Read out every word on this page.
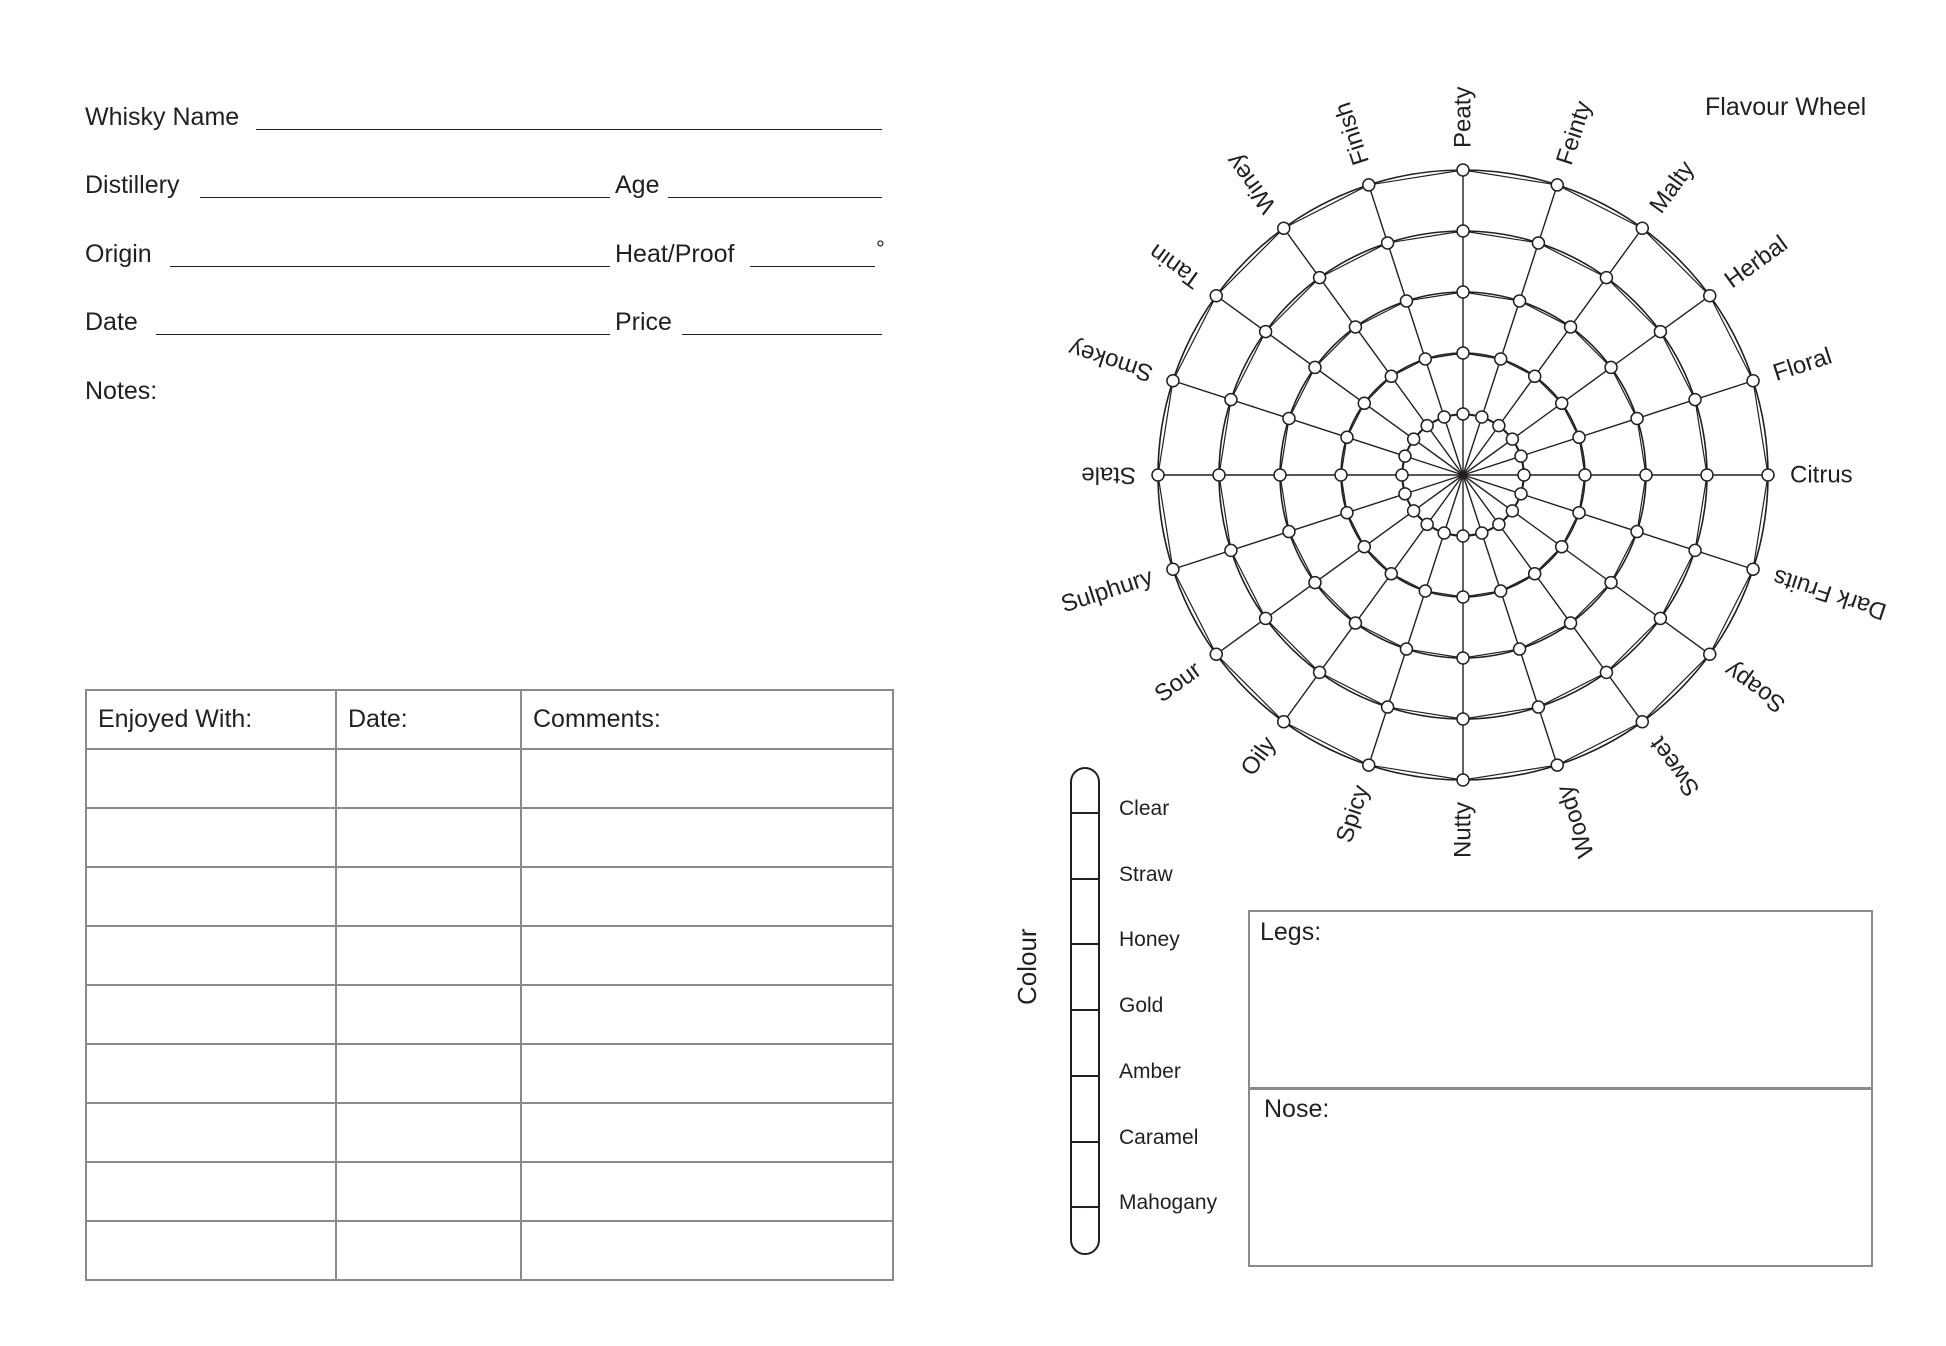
Whisky Name
Distillery	Age
Origin	Heat/Proof	°
Date	Price
Notes:
Enjoyed With:	Date:	Comments:

Flavour Wheel
Peaty	Feinty
Malty
Herbal
Floral
Citrus
Dark Fruits
Soapy
Sweet
Woody
Nutty
Spicy
Oily
Sour
Sulphury
Stale
Smokey
Tanin
Winey
Finish
Colour
Clear
Straw
Honey
Gold
Amber
Caramel
Mahogany
Legs:
Nose:
